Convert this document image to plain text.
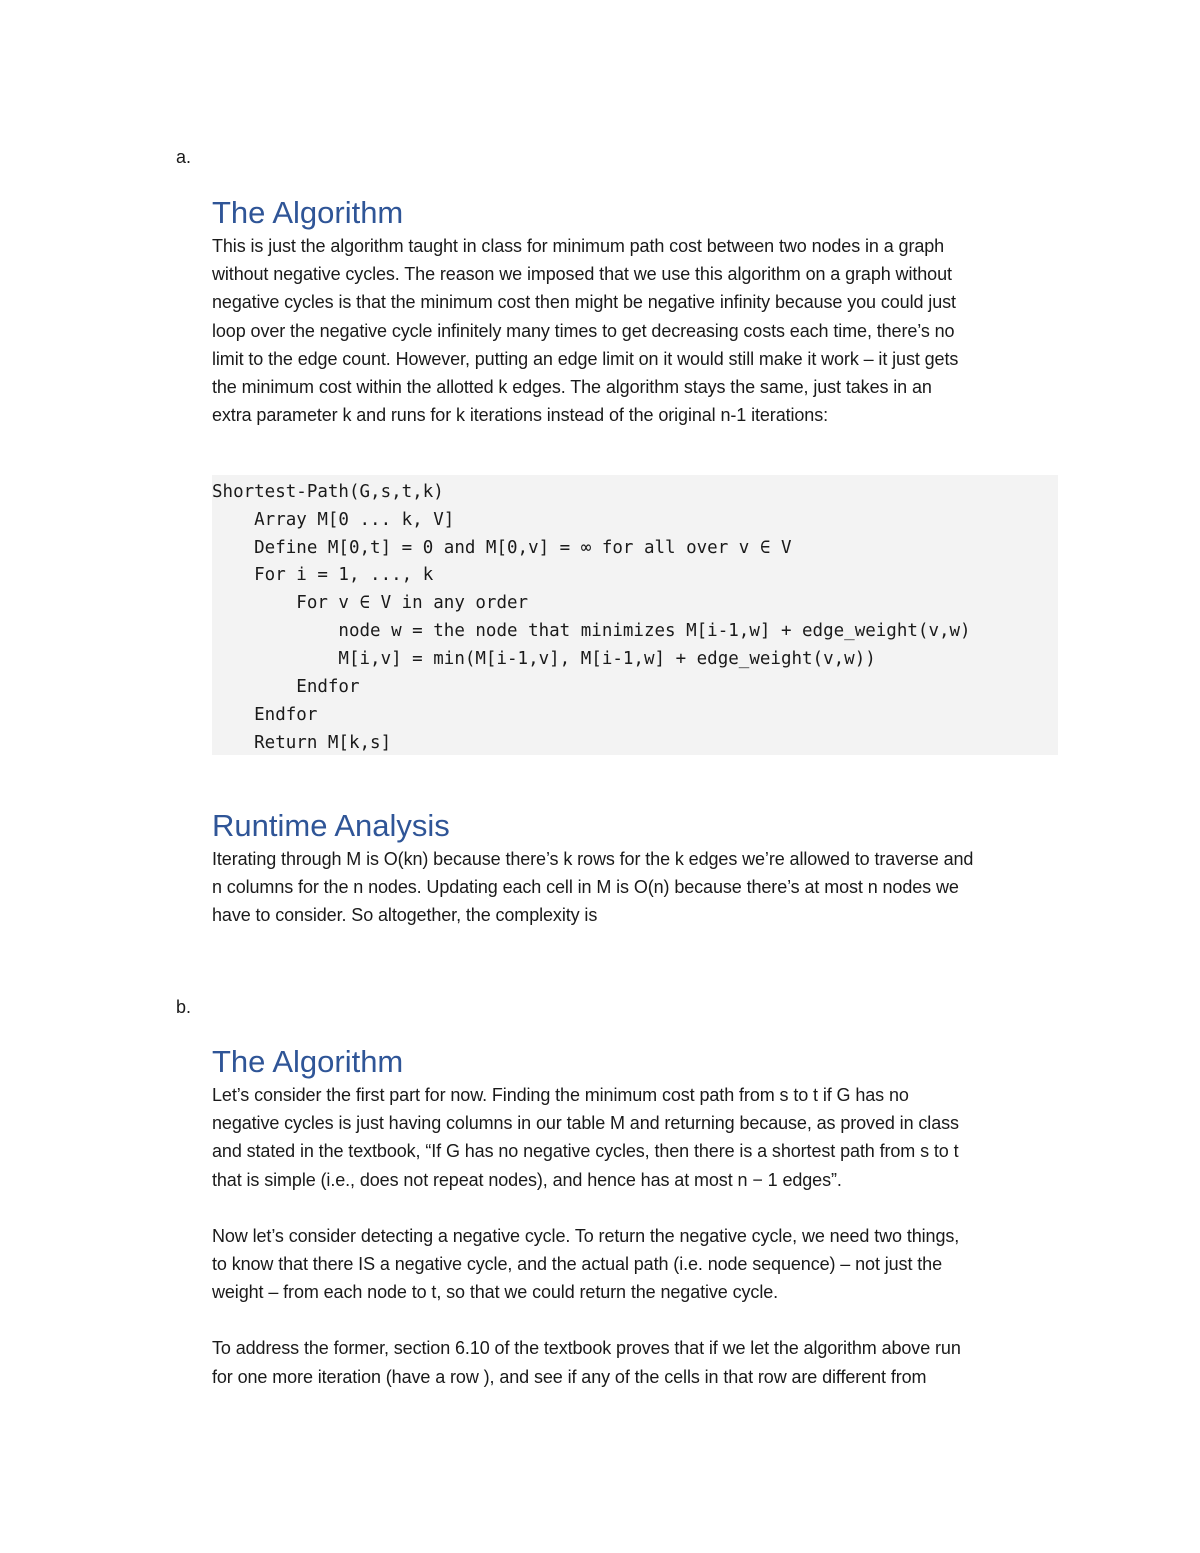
a.
The Algorithm
This is just the algorithm taught in class for minimum path cost between two nodes in a graph
without negative cycles. The reason we imposed that we use this algorithm on a graph without
negative cycles is that the minimum cost then might be negative infinity because you could just
loop over the negative cycle infinitely many times to get decreasing costs each time, there’s no
limit to the edge count. However, putting an edge limit on it would still make it work – it just gets
the minimum cost within the allotted k edges. The algorithm stays the same, just takes in an
extra parameter k and runs for k iterations instead of the original n-1 iterations:
Shortest-Path(G,s,t,k)
Array M[0 ... k, V]
Define M[0,t] = 0 and M[0,v] = ∞ for all over v ∈ V
For i = 1, ..., k
For v ∈ V in any order
node w = the node that minimizes M[i-1,w] + edge_weight(v,w)
M[i,v] = min(M[i-1,v], M[i-1,w] + edge_weight(v,w))
Endfor
Endfor
Return M[k,s]
Runtime Analysis
Iterating through M is O(kn) because there’s k rows for the k edges we’re allowed to traverse and
n columns for the n nodes. Updating each cell in M is O(n) because there’s at most n nodes we
have to consider. So altogether, the complexity is
b.
The Algorithm
Let’s consider the first part for now. Finding the minimum cost path from s to t if G has no
negative cycles is just having columns in our table M and returning because, as proved in class
and stated in the textbook, “If G has no negative cycles, then there is a shortest path from s to t
that is simple (i.e., does not repeat nodes), and hence has at most n − 1 edges”.
Now let’s consider detecting a negative cycle. To return the negative cycle, we need two things,
to know that there IS a negative cycle, and the actual path (i.e. node sequence) – not just the
weight – from each node to t, so that we could return the negative cycle.
To address the former, section 6.10 of the textbook proves that if we let the algorithm above run
for one more iteration (have a row ), and see if any of the cells in that row are different from
